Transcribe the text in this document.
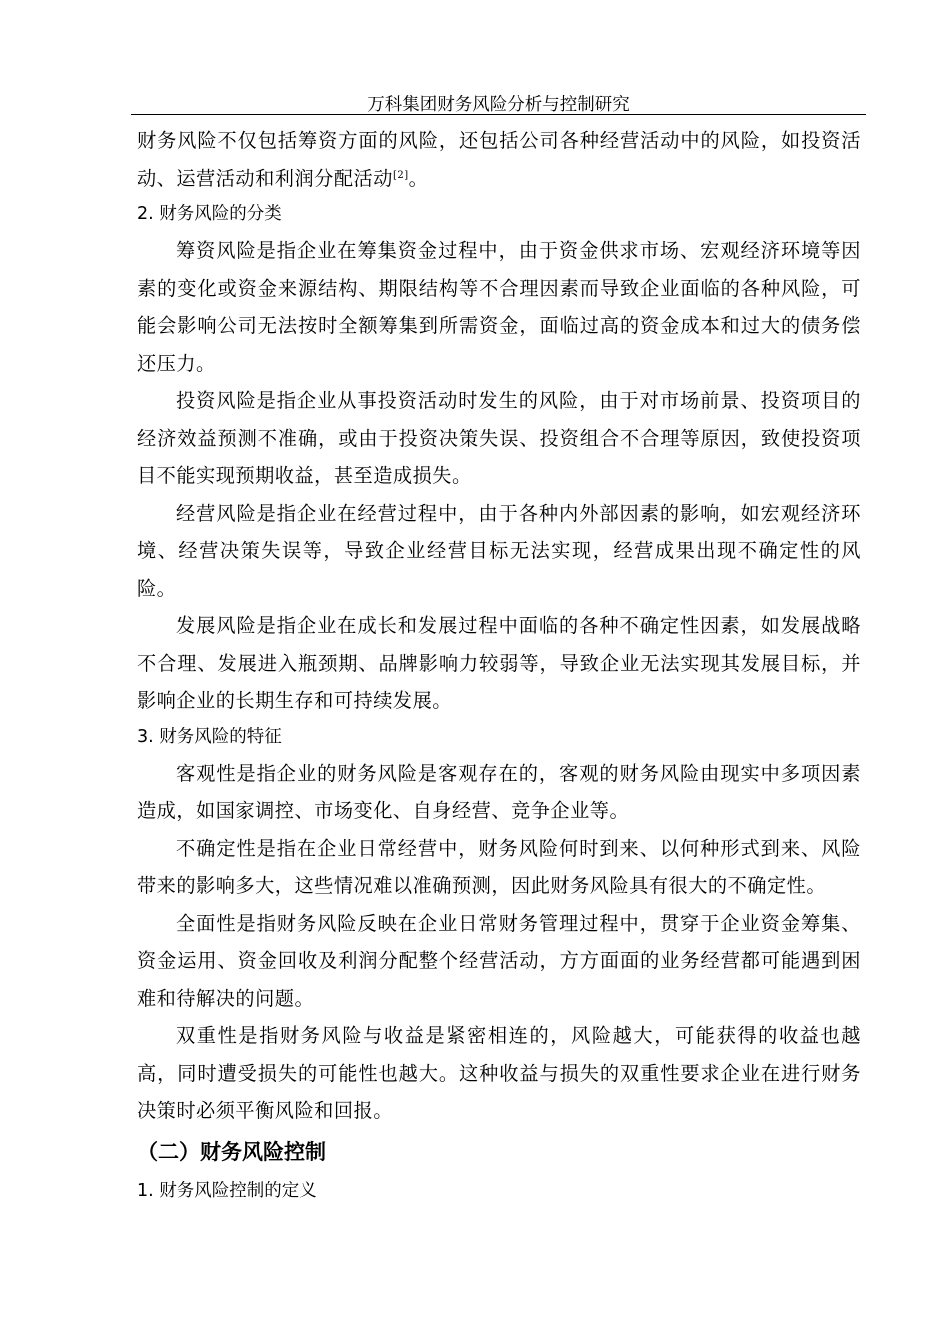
万科集团财务风险分析与控制研究

财务风险不仅包括筹资方面的风险，还包括公司各种经营活动中的风险，如投资活动、运营活动和利润分配活动[2]。

2. 财务风险的分类

筹资风险是指企业在筹集资金过程中，由于资金供求市场、宏观经济环境等因素的变化或资金来源结构、期限结构等不合理因素而导致企业面临的各种风险，可能会影响公司无法按时全额筹集到所需资金，面临过高的资金成本和过大的债务偿还压力。

投资风险是指企业从事投资活动时发生的风险，由于对市场前景、投资项目的经济效益预测不准确，或由于投资决策失误、投资组合不合理等原因，致使投资项目不能实现预期收益，甚至造成损失。

经营风险是指企业在经营过程中，由于各种内外部因素的影响，如宏观经济环境、经营决策失误等，导致企业经营目标无法实现，经营成果出现不确定性的风险。

发展风险是指企业在成长和发展过程中面临的各种不确定性因素，如发展战略不合理、发展进入瓶颈期、品牌影响力较弱等，导致企业无法实现其发展目标，并影响企业的长期生存和可持续发展。

3. 财务风险的特征

客观性是指企业的财务风险是客观存在的，客观的财务风险由现实中多项因素造成，如国家调控、市场变化、自身经营、竞争企业等。

不确定性是指在企业日常经营中，财务风险何时到来、以何种形式到来、风险带来的影响多大，这些情况难以准确预测，因此财务风险具有很大的不确定性。

全面性是指财务风险反映在企业日常财务管理过程中，贯穿于企业资金筹集、资金运用、资金回收及利润分配整个经营活动，方方面面的业务经营都可能遇到困难和待解决的问题。

双重性是指财务风险与收益是紧密相连的，风险越大，可能获得的收益也越高，同时遭受损失的可能性也越大。这种收益与损失的双重性要求企业在进行财务决策时必须平衡风险和回报。

（二）财务风险控制
1. 财务风险控制的定义
